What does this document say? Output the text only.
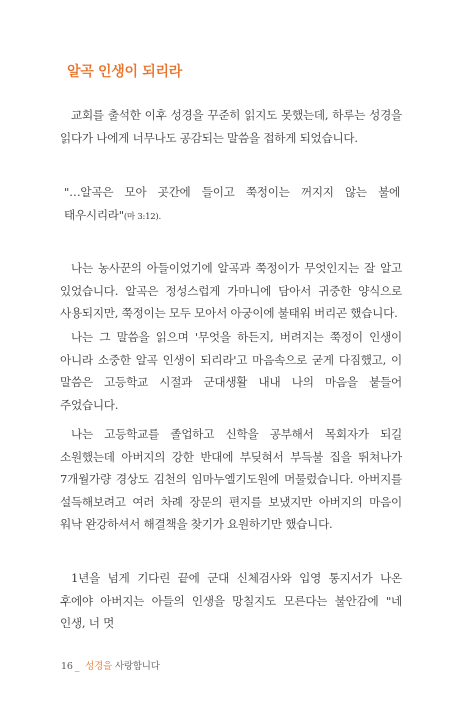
알곡 인생이 되리라

교회를 출석한 이후 성경을 꾸준히 읽지도 못했는데, 하루는 성경을 읽다가 나에게 너무나도 공감되는 말씀을 접하게 되었습니다.

"…알곡은 모아 곳간에 들이고 쭉정이는 꺼지지 않는 불에 태우시리라"(마 3:12).

나는 농사꾼의 아들이었기에 알곡과 쭉정이가 무엇인지는 잘 알고 있었습니다. 알곡은 정성스럽게 가마니에 담아서 귀중한 양식으로 사용되지만, 쭉정이는 모두 모아서 아궁이에 불태워 버리곤 했습니다.

나는 그 말씀을 읽으며 '무엇을 하든지, 버려지는 쭉정이 인생이 아니라 소중한 알곡 인생이 되리라'고 마음속으로 굳게 다짐했고, 이 말씀은 고등학교 시절과 군대생활 내내 나의 마음을 붙들어 주었습니다.

나는 고등학교를 졸업하고 신학을 공부해서 목회자가 되길 소원했는데 아버지의 강한 반대에 부딪혀서 부득불 집을 뛰쳐나가 7개월가량 경상도 김천의 임마누엘기도원에 머물렀습니다. 아버지를 설득해보려고 여러 차례 장문의 편지를 보냈지만 아버지의 마음이 워낙 완강하셔서 해결책을 찾기가 요원하기만 했습니다.

1년을 넘게 기다린 끝에 군대 신체검사와 입영 통지서가 나온 후에야 아버지는 아들의 인생을 망칠지도 모른다는 불안감에 "네 인생, 너 멋

16 _ 성경을 사랑합니다
